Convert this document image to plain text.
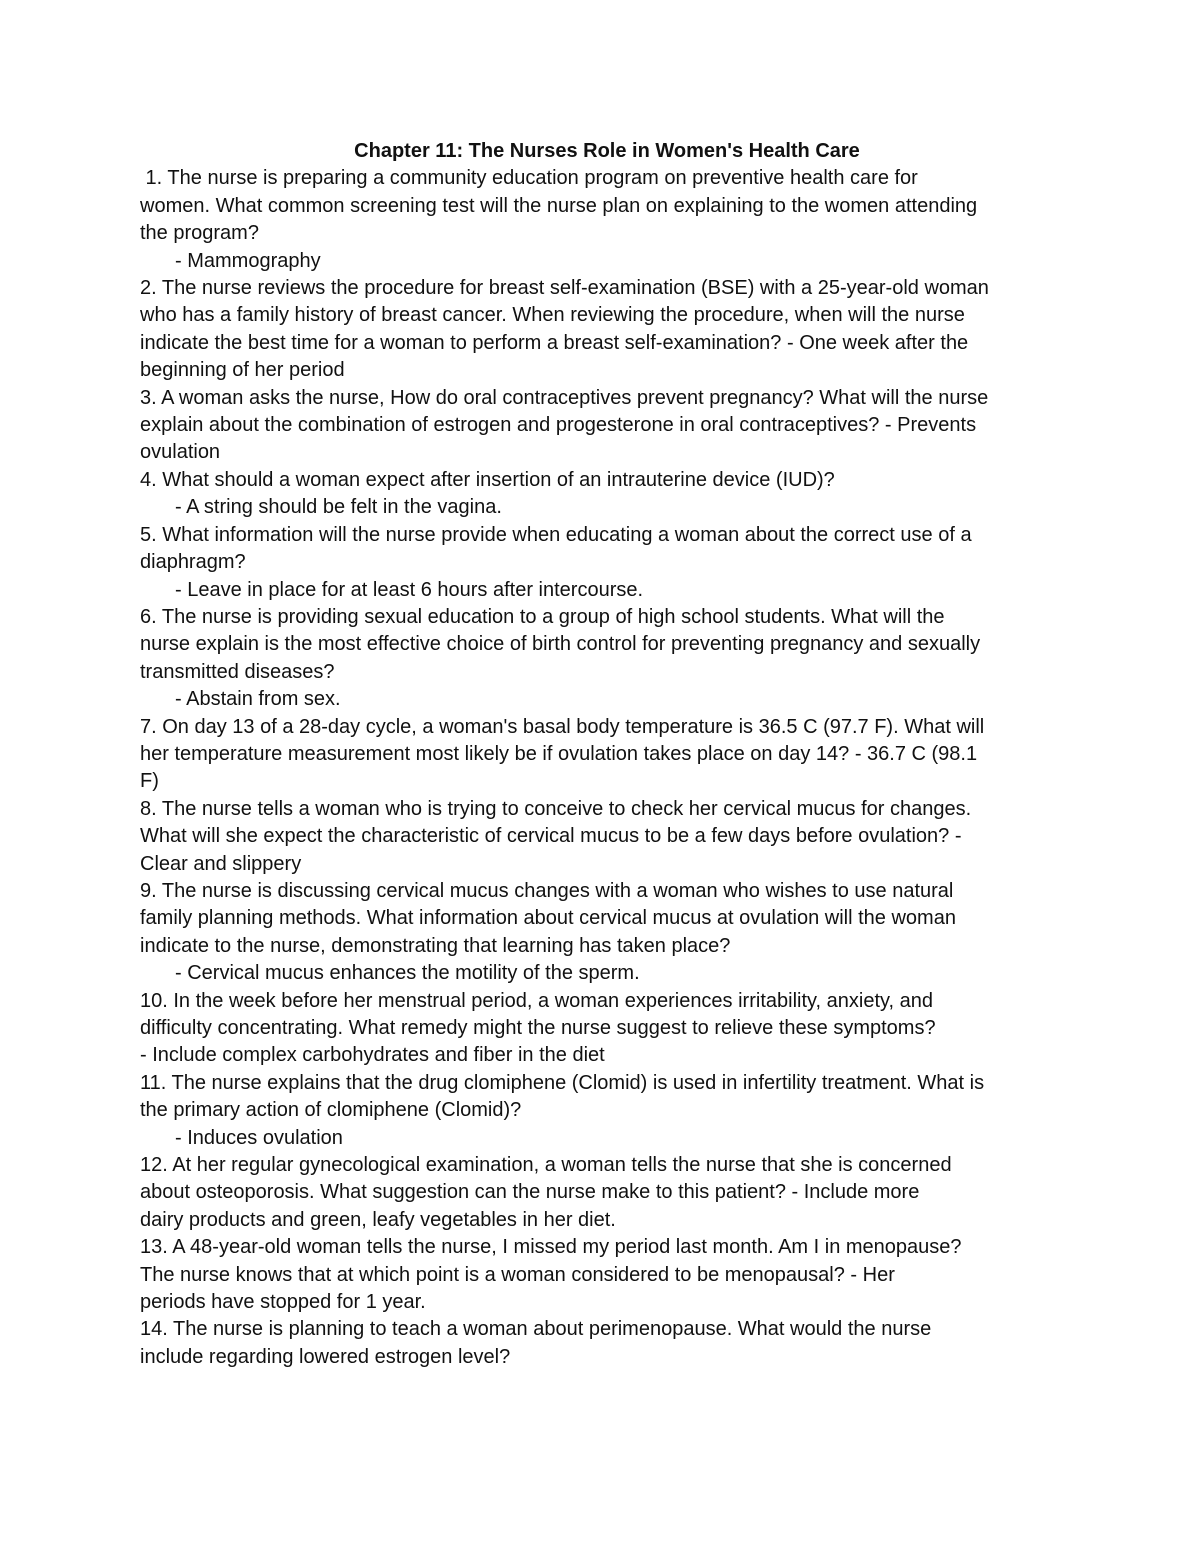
Chapter 11: The Nurses Role in Women's Health Care

1. The nurse is preparing a community education program on preventive health care for

women. What common screening test will the nurse plan on explaining to the women attending

the program?

- Mammography

2. The nurse reviews the procedure for breast self-examination (BSE) with a 25-year-old woman

who has a family history of breast cancer. When reviewing the procedure, when will the nurse

indicate the best time for a woman to perform a breast self-examination? - One week after the

beginning of her period

3. A woman asks the nurse, How do oral contraceptives prevent pregnancy? What will the nurse

explain about the combination of estrogen and progesterone in oral contraceptives? - Prevents

ovulation

4. What should a woman expect after insertion of an intrauterine device (IUD)?

- A string should be felt in the vagina.

5. What information will the nurse provide when educating a woman about the correct use of a

diaphragm?

- Leave in place for at least 6 hours after intercourse.

6. The nurse is providing sexual education to a group of high school students. What will the

nurse explain is the most effective choice of birth control for preventing pregnancy and sexually

transmitted diseases?

- Abstain from sex.

7. On day 13 of a 28-day cycle, a woman's basal body temperature is 36.5 C (97.7 F). What will

her temperature measurement most likely be if ovulation takes place on day 14? - 36.7 C (98.1

F)

8. The nurse tells a woman who is trying to conceive to check her cervical mucus for changes.

What will she expect the characteristic of cervical mucus to be a few days before ovulation? -

Clear and slippery

9. The nurse is discussing cervical mucus changes with a woman who wishes to use natural

family planning methods. What information about cervical mucus at ovulation will the woman

indicate to the nurse, demonstrating that learning has taken place?

- Cervical mucus enhances the motility of the sperm.

10. In the week before her menstrual period, a woman experiences irritability, anxiety, and

difficulty concentrating. What remedy might the nurse suggest to relieve these symptoms?

- Include complex carbohydrates and fiber in the diet

11. The nurse explains that the drug clomiphene (Clomid) is used in infertility treatment. What is

the primary action of clomiphene (Clomid)?

- Induces ovulation

12. At her regular gynecological examination, a woman tells the nurse that she is concerned

about osteoporosis. What suggestion can the nurse make to this patient? - Include more

dairy products and green, leafy vegetables in her diet.

13. A 48-year-old woman tells the nurse, I missed my period last month. Am I in menopause?

The nurse knows that at which point is a woman considered to be menopausal? - Her

periods have stopped for 1 year.

14. The nurse is planning to teach a woman about perimenopause. What would the nurse

include regarding lowered estrogen level?
